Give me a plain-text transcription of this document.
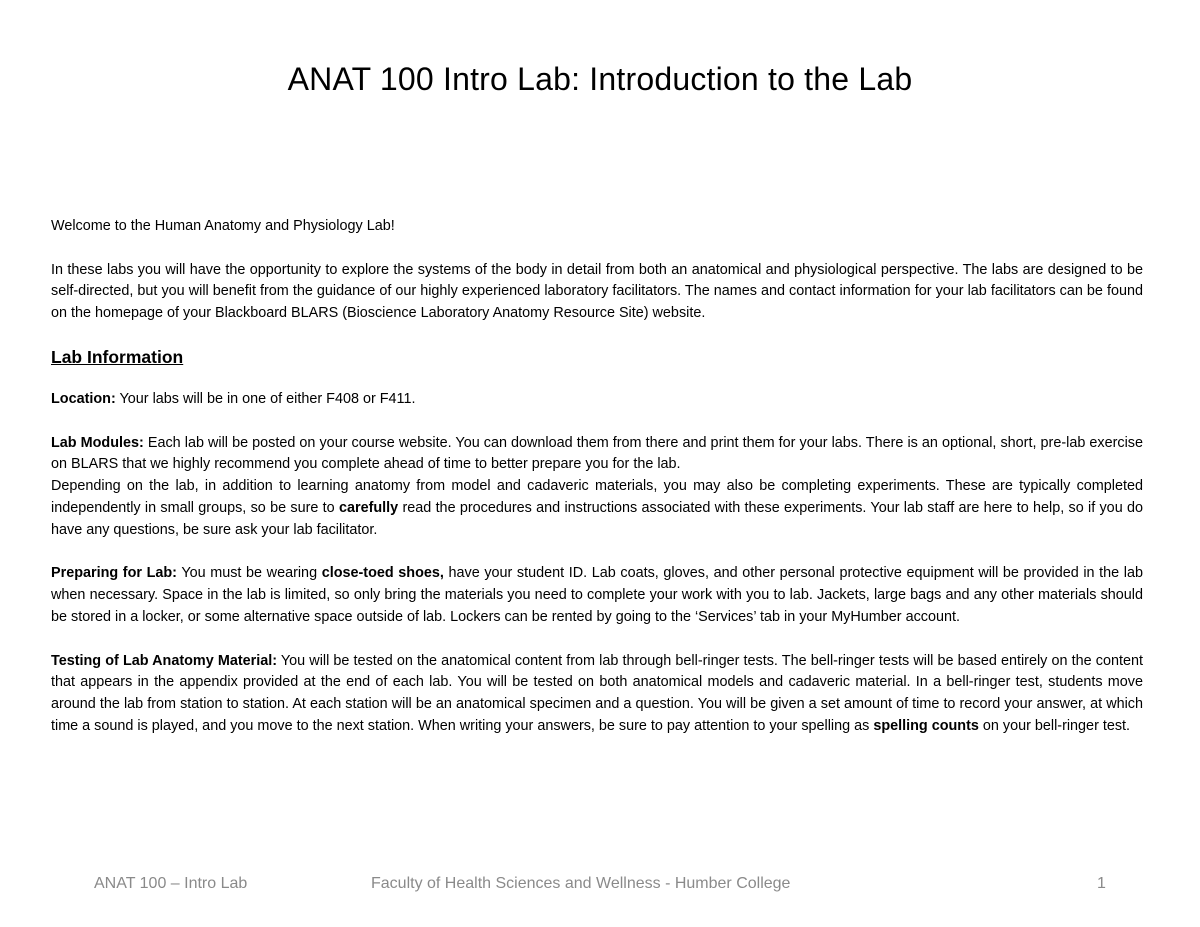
ANAT 100 Intro Lab: Introduction to the Lab

Welcome to the Human Anatomy and Physiology Lab!

In these labs you will have the opportunity to explore the systems of the body in detail from both an anatomical and physiological perspective. The labs are designed to be self-directed, but you will benefit from the guidance of our highly experienced laboratory facilitators. The names and contact information for your lab facilitators can be found on the homepage of your Blackboard BLARS (Bioscience Laboratory Anatomy Resource Site) website.

Lab Information

Location: Your labs will be in one of either F408 or F411.

Lab Modules: Each lab will be posted on your course website. You can download them from there and print them for your labs. There is an optional, short, pre-lab exercise on BLARS that we highly recommend you complete ahead of time to better prepare you for the lab.

Depending on the lab, in addition to learning anatomy from model and cadaveric materials, you may also be completing experiments. These are typically completed independently in small groups, so be sure to carefully read the procedures and instructions associated with these experiments. Your lab staff are here to help, so if you do have any questions, be sure ask your lab facilitator.

Preparing for Lab: You must be wearing close-toed shoes, have your student ID. Lab coats, gloves, and other personal protective equipment will be provided in the lab when necessary. Space in the lab is limited, so only bring the materials you need to complete your work with you to lab. Jackets, large bags and any other materials should be stored in a locker, or some alternative space outside of lab. Lockers can be rented by going to the ‘Services’ tab in your MyHumber account.

Testing of Lab Anatomy Material: You will be tested on the anatomical content from lab through bell-ringer tests. The bell-ringer tests will be based entirely on the content that appears in the appendix provided at the end of each lab. You will be tested on both anatomical models and cadaveric material. In a bell-ringer test, students move around the lab from station to station. At each station will be an anatomical specimen and a question. You will be given a set amount of time to record your answer, at which time a sound is played, and you move to the next station. When writing your answers, be sure to pay attention to your spelling as spelling counts on your bell-ringer test.

ANAT 100 – Intro Lab	Faculty of Health Sciences and Wellness - Humber College	1
